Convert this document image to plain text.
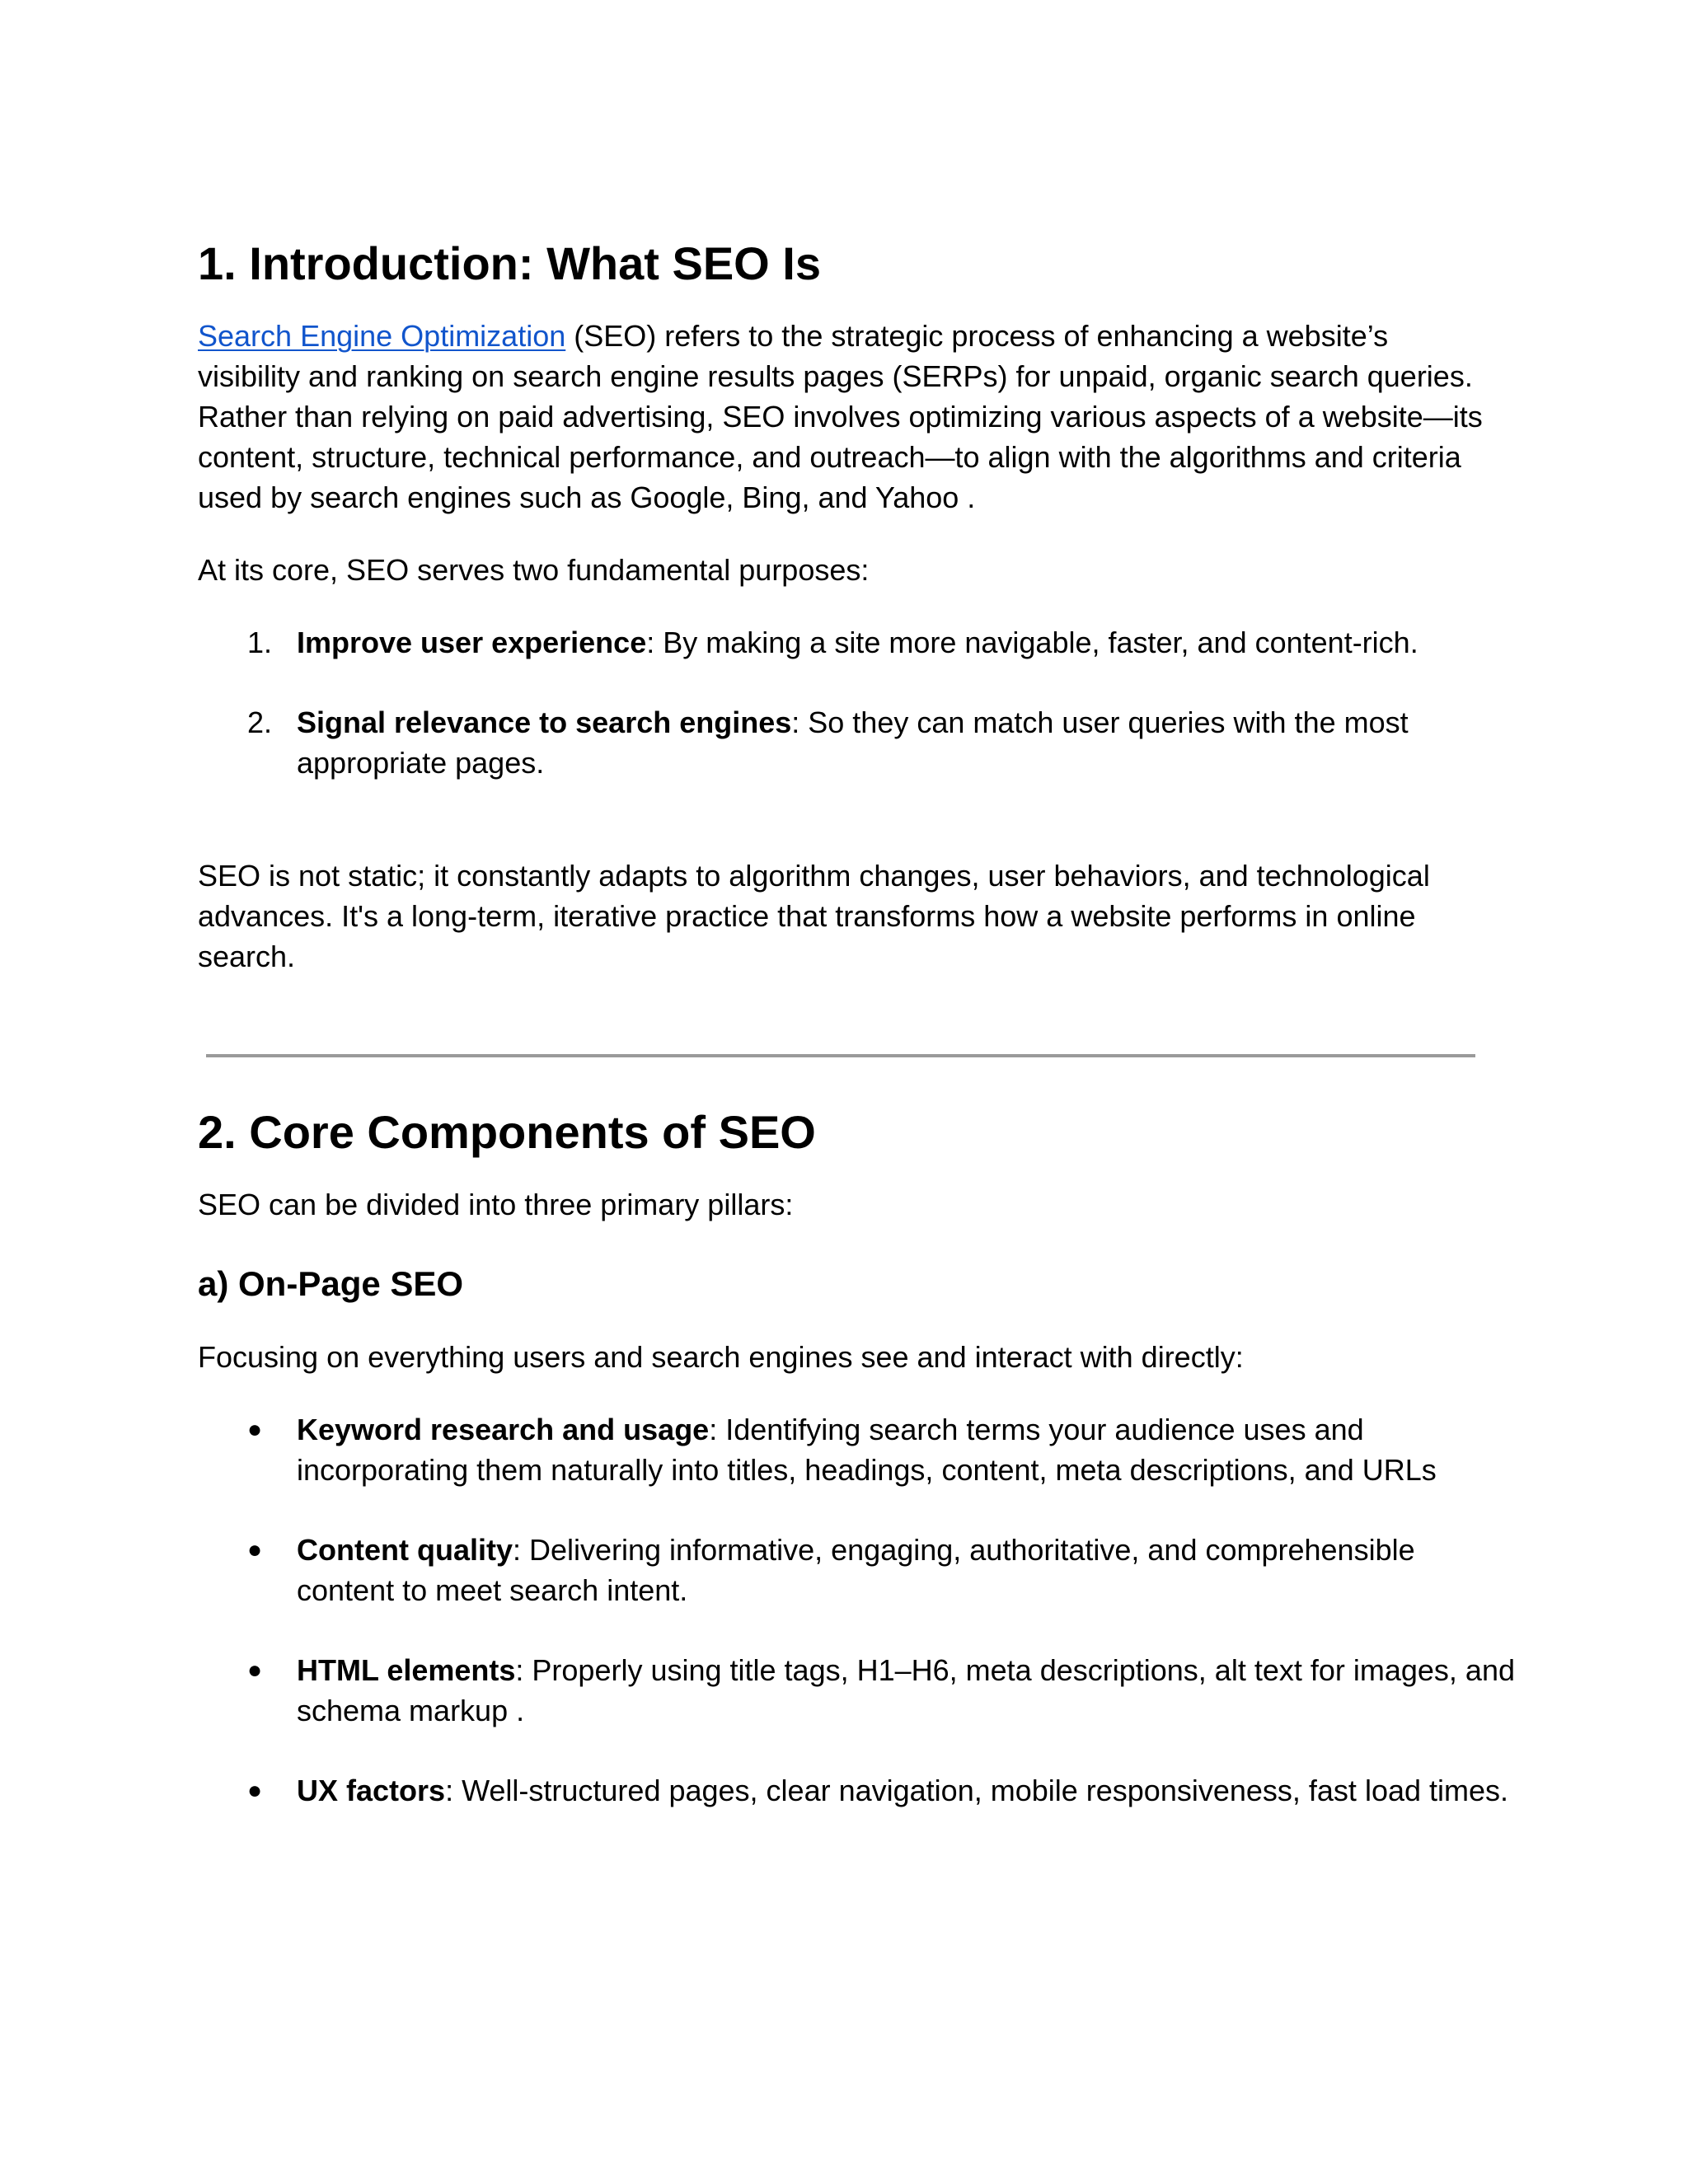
1. Introduction: What SEO Is

Search Engine Optimization (SEO) refers to the strategic process of enhancing a website’s visibility and ranking on search engine results pages (SERPs) for unpaid, organic search queries. Rather than relying on paid advertising, SEO involves optimizing various aspects of a website—its content, structure, technical performance, and outreach—to align with the algorithms and criteria used by search engines such as Google, Bing, and Yahoo .

At its core, SEO serves two fundamental purposes:

1. Improve user experience: By making a site more navigable, faster, and content-rich.
2. Signal relevance to search engines: So they can match user queries with the most appropriate pages.

SEO is not static; it constantly adapts to algorithm changes, user behaviors, and technological advances. It's a long-term, iterative practice that transforms how a website performs in online search.

2. Core Components of SEO

SEO can be divided into three primary pillars:

a) On-Page SEO

Focusing on everything users and search engines see and interact with directly:

●	Keyword research and usage: Identifying search terms your audience uses and incorporating them naturally into titles, headings, content, meta descriptions, and URLs
●	Content quality: Delivering informative, engaging, authoritative, and comprehensible content to meet search intent.
●	HTML elements: Properly using title tags, H1–H6, meta descriptions, alt text for images, and schema markup .
●	UX factors: Well-structured pages, clear navigation, mobile responsiveness, fast load times.
